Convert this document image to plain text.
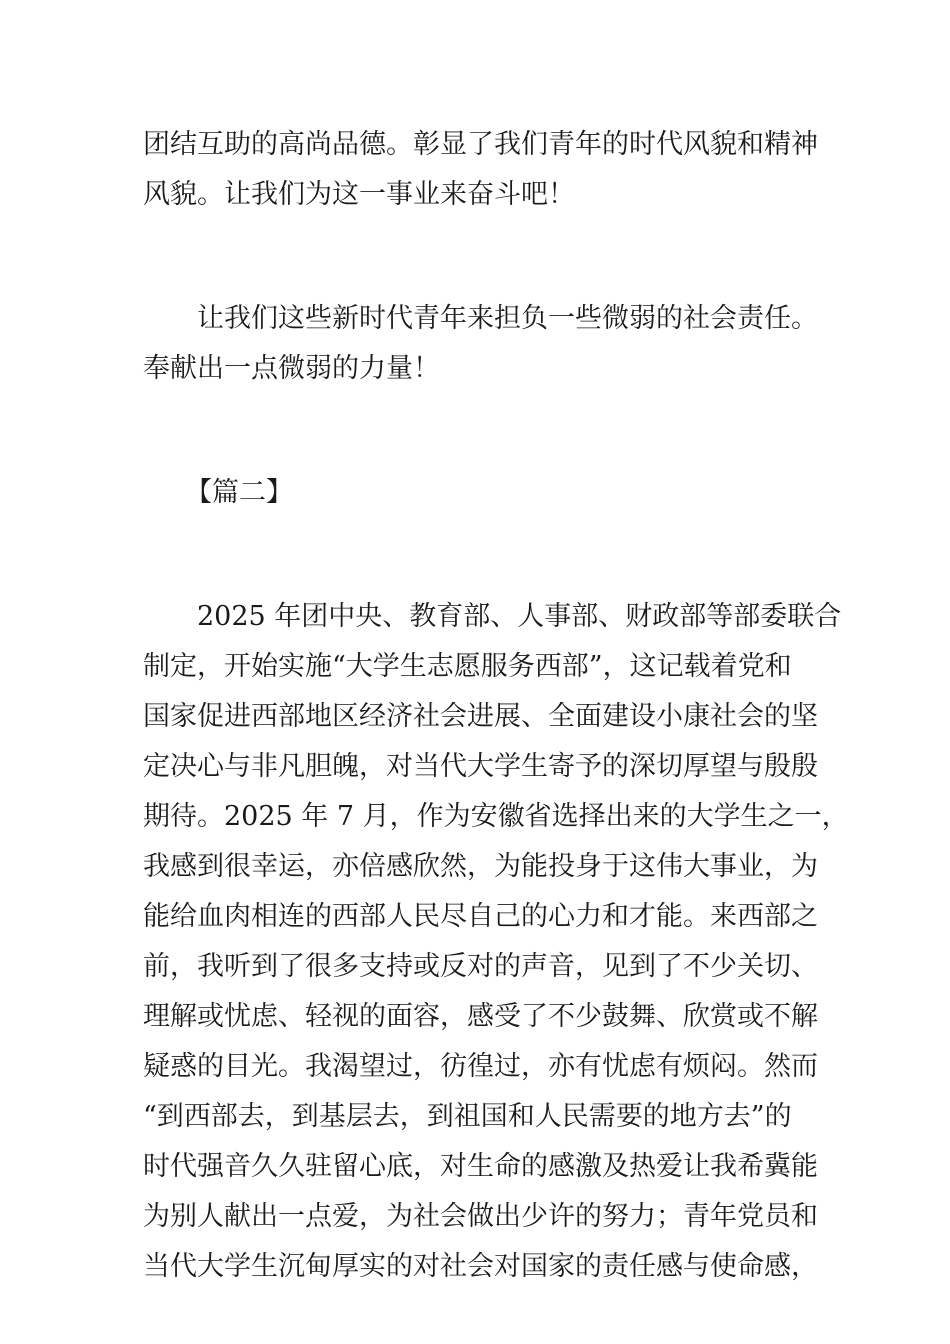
团结互助的高尚品德。彰显了我们青年的时代风貌和精神
风貌。让我们为这一事业来奋斗吧！
让我们这些新时代青年来担负一些微弱的社会责任。
奉献出一点微弱的力量！
【篇二】
2025 年团中央、教育部、人事部、财政部等部委联合
制定，开始实施“大学生志愿服务西部”，这记载着党和
国家促进西部地区经济社会进展、全面建设小康社会的坚
定决心与非凡胆魄，对当代大学生寄予的深切厚望与殷殷
期待。2025 年 7 月，作为安徽省选择出来的大学生之一，
我感到很幸运，亦倍感欣然，为能投身于这伟大事业，为
能给血肉相连的西部人民尽自己的心力和才能。来西部之
前，我听到了很多支持或反对的声音，见到了不少关切、
理解或忧虑、轻视的面容，感受了不少鼓舞、欣赏或不解
疑惑的目光。我渴望过，彷徨过，亦有忧虑有烦闷。然而
“到西部去，到基层去，到祖国和人民需要的地方去”的
时代强音久久驻留心底，对生命的感激及热爱让我希冀能
为别人献出一点爱，为社会做出少许的努力；青年党员和
当代大学生沉甸厚实的对社会对国家的责任感与使命感，
